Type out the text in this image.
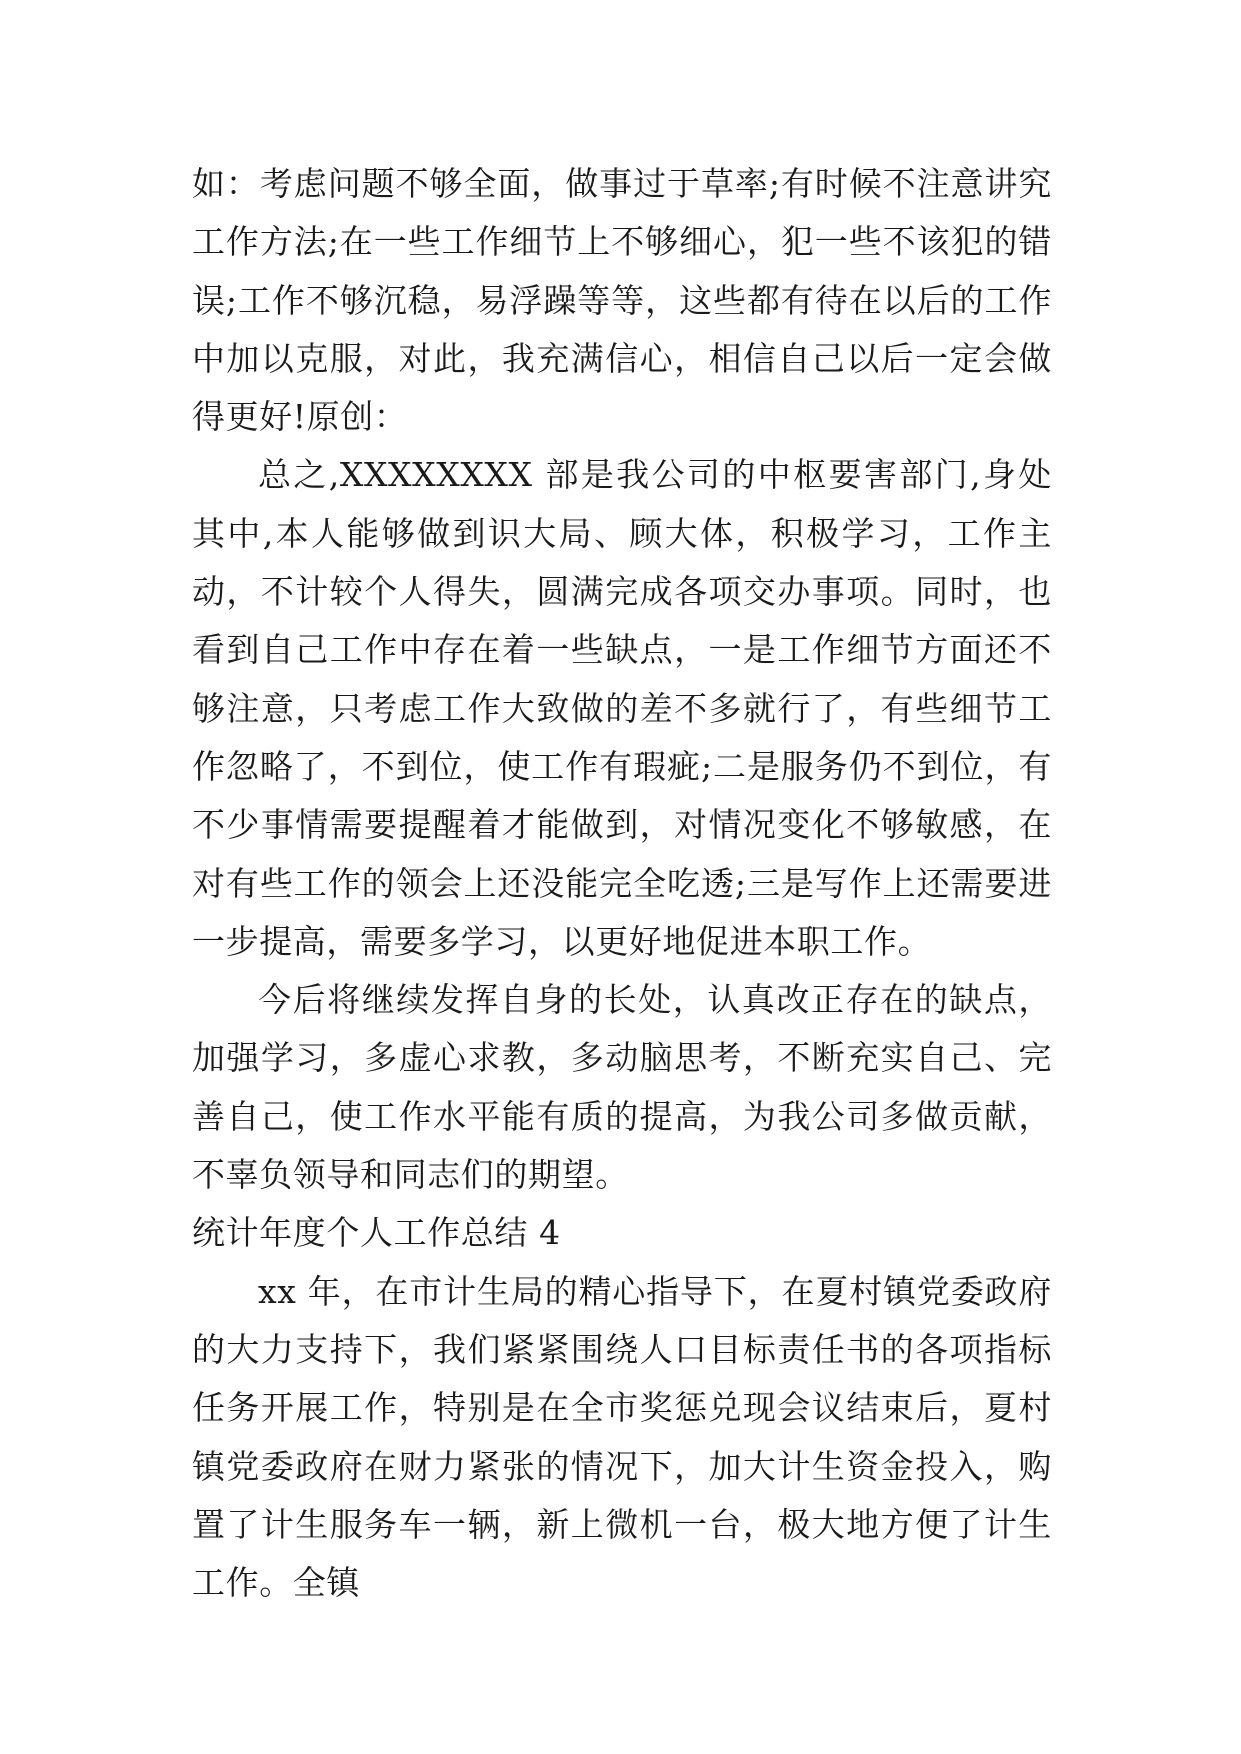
如：考虑问题不够全面，做事过于草率;有时候不注意讲究工作方法;在一些工作细节上不够细心，犯一些不该犯的错误;工作不够沉稳，易浮躁等等，这些都有待在以后的工作中加以克服，对此，我充满信心，相信自己以后一定会做得更好!原创：

总之,XXXXXXXX 部是我公司的中枢要害部门,身处其中,本人能够做到识大局、顾大体，积极学习，工作主动，不计较个人得失，圆满完成各项交办事项。同时，也看到自己工作中存在着一些缺点，一是工作细节方面还不够注意，只考虑工作大致做的差不多就行了，有些细节工作忽略了，不到位，使工作有瑕疵;二是服务仍不到位，有不少事情需要提醒着才能做到，对情况变化不够敏感，在对有些工作的领会上还没能完全吃透;三是写作上还需要进一步提高，需要多学习，以更好地促进本职工作。

今后将继续发挥自身的长处，认真改正存在的缺点，加强学习，多虚心求教，多动脑思考，不断充实自己、完善自己，使工作水平能有质的提高，为我公司多做贡献，不辜负领导和同志们的期望。

统计年度个人工作总结 4

xx 年，在市计生局的精心指导下，在夏村镇党委政府的大力支持下，我们紧紧围绕人口目标责任书的各项指标任务开展工作，特别是在全市奖惩兑现会议结束后，夏村镇党委政府在财力紧张的情况下，加大计生资金投入，购置了计生服务车一辆，新上微机一台，极大地方便了计生工作。全镇
